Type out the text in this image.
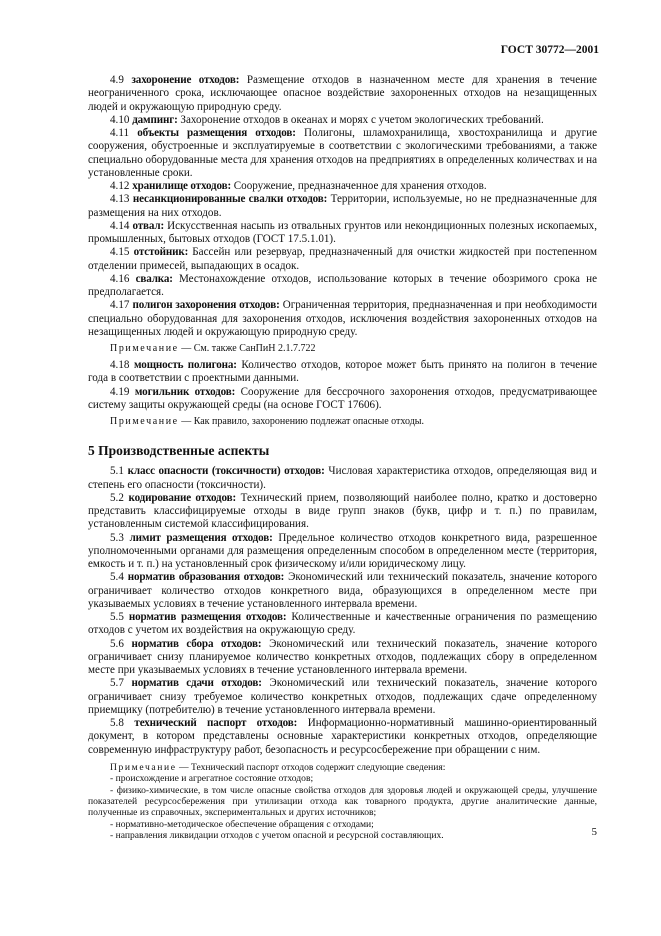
ГОСТ 30772—2001

4.9 захоронение отходов: Размещение отходов в назначенном месте для хранения в течение неограниченного срока, исключающее опасное воздействие захороненных отходов на незащищенных людей и окружающую природную среду.

4.10 дампинг: Захоронение отходов в океанах и морях с учетом экологических требований.

4.11 объекты размещения отходов: Полигоны, шламохранилища, хвостохранилища и другие сооружения, обустроенные и эксплуатируемые в соответствии с экологическими требованиями, а также специально оборудованные места для хранения отходов на предприятиях в определенных количествах и на установленные сроки.

4.12 хранилище отходов: Сооружение, предназначенное для хранения отходов.

4.13 несанкционированные свалки отходов: Территории, используемые, но не предназначенные для размещения на них отходов.

4.14 отвал: Искусственная насыпь из отвальных грунтов или некондиционных полезных ископаемых, промышленных, бытовых отходов (ГОСТ 17.5.1.01).

4.15 отстойник: Бассейн или резервуар, предназначенный для очистки жидкостей при постепенном отделении примесей, выпадающих в осадок.

4.16 свалка: Местонахождение отходов, использование которых в течение обозримого срока не предполагается.

4.17 полигон захоронения отходов: Ограниченная территория, предназначенная и при необходимости специально оборудованная для захоронения отходов, исключения воздействия захороненных отходов на незащищенных людей и окружающую природную среду.

Примечание — См. также СанПиН 2.1.7.722

4.18 мощность полигона: Количество отходов, которое может быть принято на полигон в течение года в соответствии с проектными данными.

4.19 могильник отходов: Сооружение для бессрочного захоронения отходов, предусматривающее систему защиты окружающей среды (на основе ГОСТ 17606).

Примечание — Как правило, захоронению подлежат опасные отходы.

5 Производственные аспекты

5.1 класс опасности (токсичности) отходов: Числовая характеристика отходов, определяющая вид и степень его опасности (токсичности).

5.2 кодирование отходов: Технический прием, позволяющий наиболее полно, кратко и достоверно представить классифицируемые отходы в виде групп знаков (букв, цифр и т. п.) по правилам, установленным системой классифицирования.

5.3 лимит размещения отходов: Предельное количество отходов конкретного вида, разрешенное уполномоченными органами для размещения определенным способом в определенном месте (территория, емкость и т. п.) на установленный срок физическому и/или юридическому лицу.

5.4 норматив образования отходов: Экономический или технический показатель, значение которого ограничивает количество отходов конкретного вида, образующихся в определенном месте при указываемых условиях в течение установленного интервала времени.

5.5 норматив размещения отходов: Количественные и качественные ограничения по размещению отходов с учетом их воздействия на окружающую среду.

5.6 норматив сбора отходов: Экономический или технический показатель, значение которого ограничивает снизу планируемое количество конкретных отходов, подлежащих сбору в определенном месте при указываемых условиях в течение установленного интервала времени.

5.7 норматив сдачи отходов: Экономический или технический показатель, значение которого ограничивает снизу требуемое количество конкретных отходов, подлежащих сдаче определенному приемщику (потребителю) в течение установленного интервала времени.

5.8 технический паспорт отходов: Информационно-нормативный машинно-ориентированный документ, в котором представлены основные характеристики конкретных отходов, определяющие современную инфраструктуру работ, безопасность и ресурсосбережение при обращении с ним.

Примечание — Технический паспорт отходов содержит следующие сведения:

- происхождение и агрегатное состояние отходов;

- физико-химические, в том числе опасные свойства отходов для здоровья людей и окружающей среды, улучшение показателей ресурсосбережения при утилизации отхода как товарного продукта, другие аналитические данные, полученные из справочных, экспериментальных и других источников;

- нормативно-методическое обеспечение обращения с отходами;

- направления ликвидации отходов с учетом опасной и ресурсной составляющих.	5
